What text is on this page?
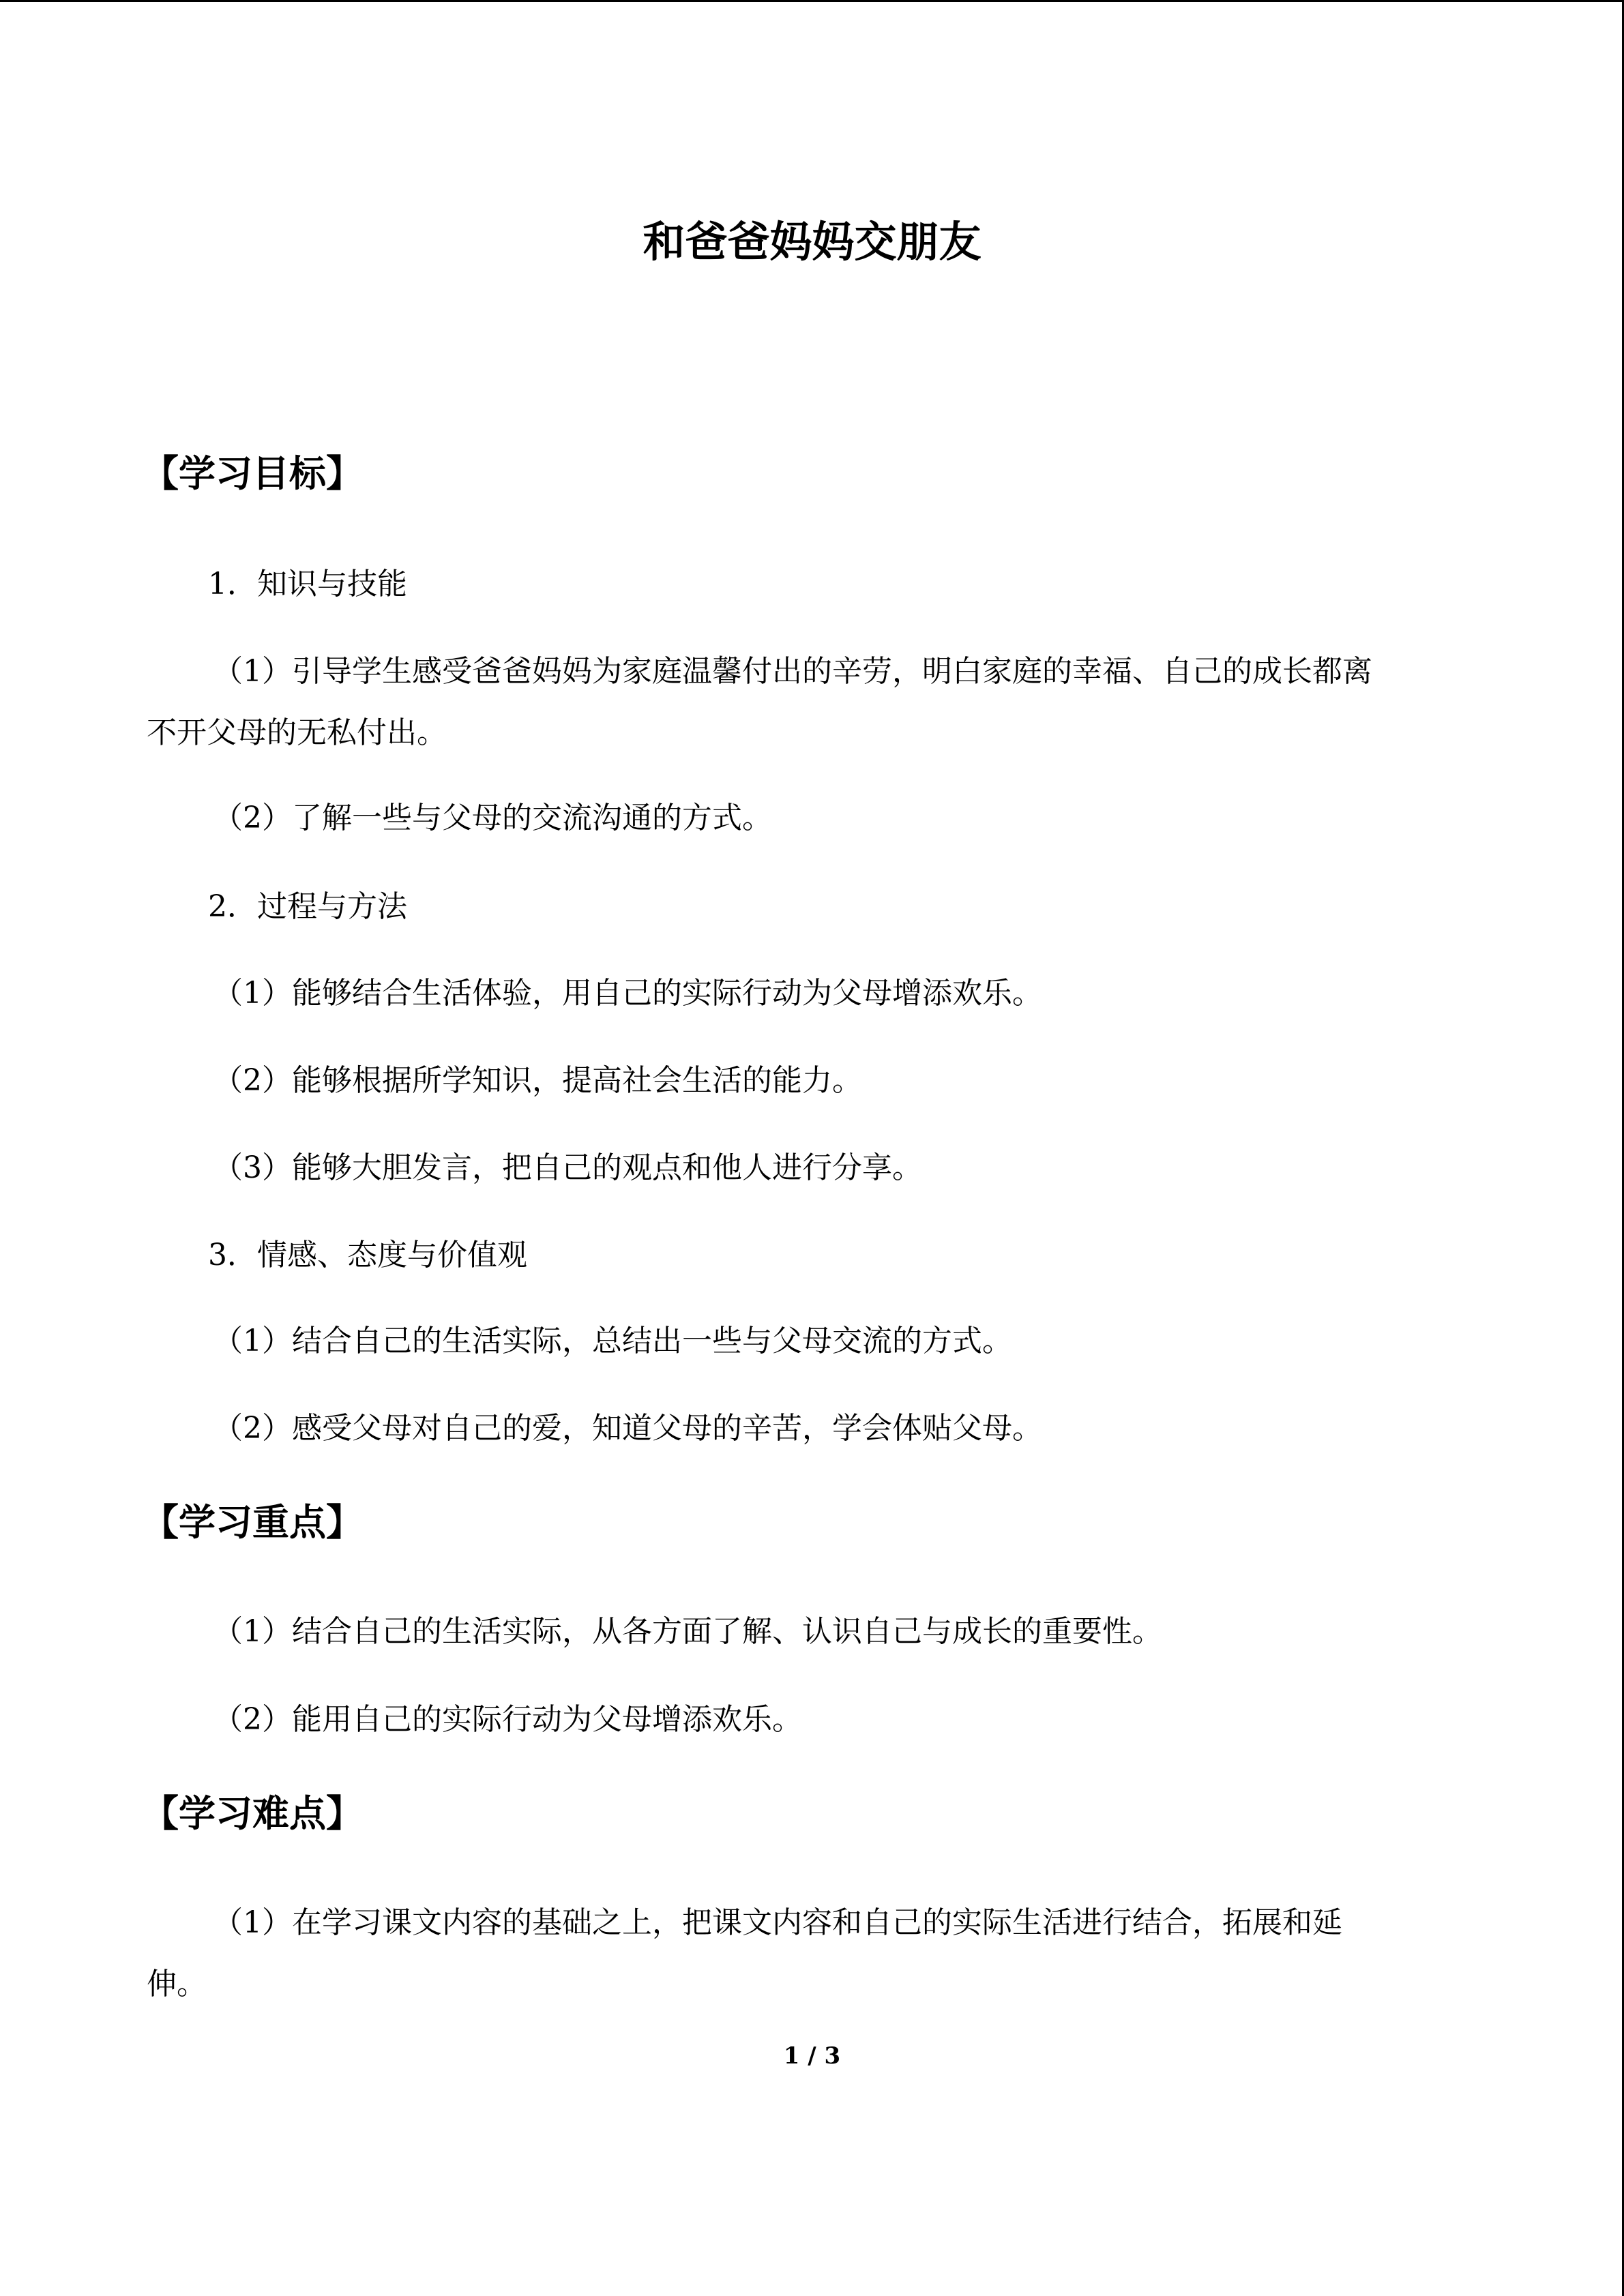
和爸爸妈妈交朋友
【学习目标】
1．知识与技能
（1）引导学生感受爸爸妈妈为家庭温馨付出的辛劳，明白家庭的幸福、自己的成长都离
不开父母的无私付出。
（2）了解一些与父母的交流沟通的方式。
2．过程与方法
（1）能够结合生活体验，用自己的实际行动为父母增添欢乐。
（2）能够根据所学知识，提高社会生活的能力。
（3）能够大胆发言，把自己的观点和他人进行分享。
3．情感、态度与价值观
（1）结合自己的生活实际，总结出一些与父母交流的方式。
（2）感受父母对自己的爱，知道父母的辛苦，学会体贴父母。
【学习重点】
（1）结合自己的生活实际，从各方面了解、认识自己与成长的重要性。
（2）能用自己的实际行动为父母增添欢乐。
【学习难点】
（1）在学习课文内容的基础之上，把课文内容和自己的实际生活进行结合，拓展和延
伸。
1 / 3
